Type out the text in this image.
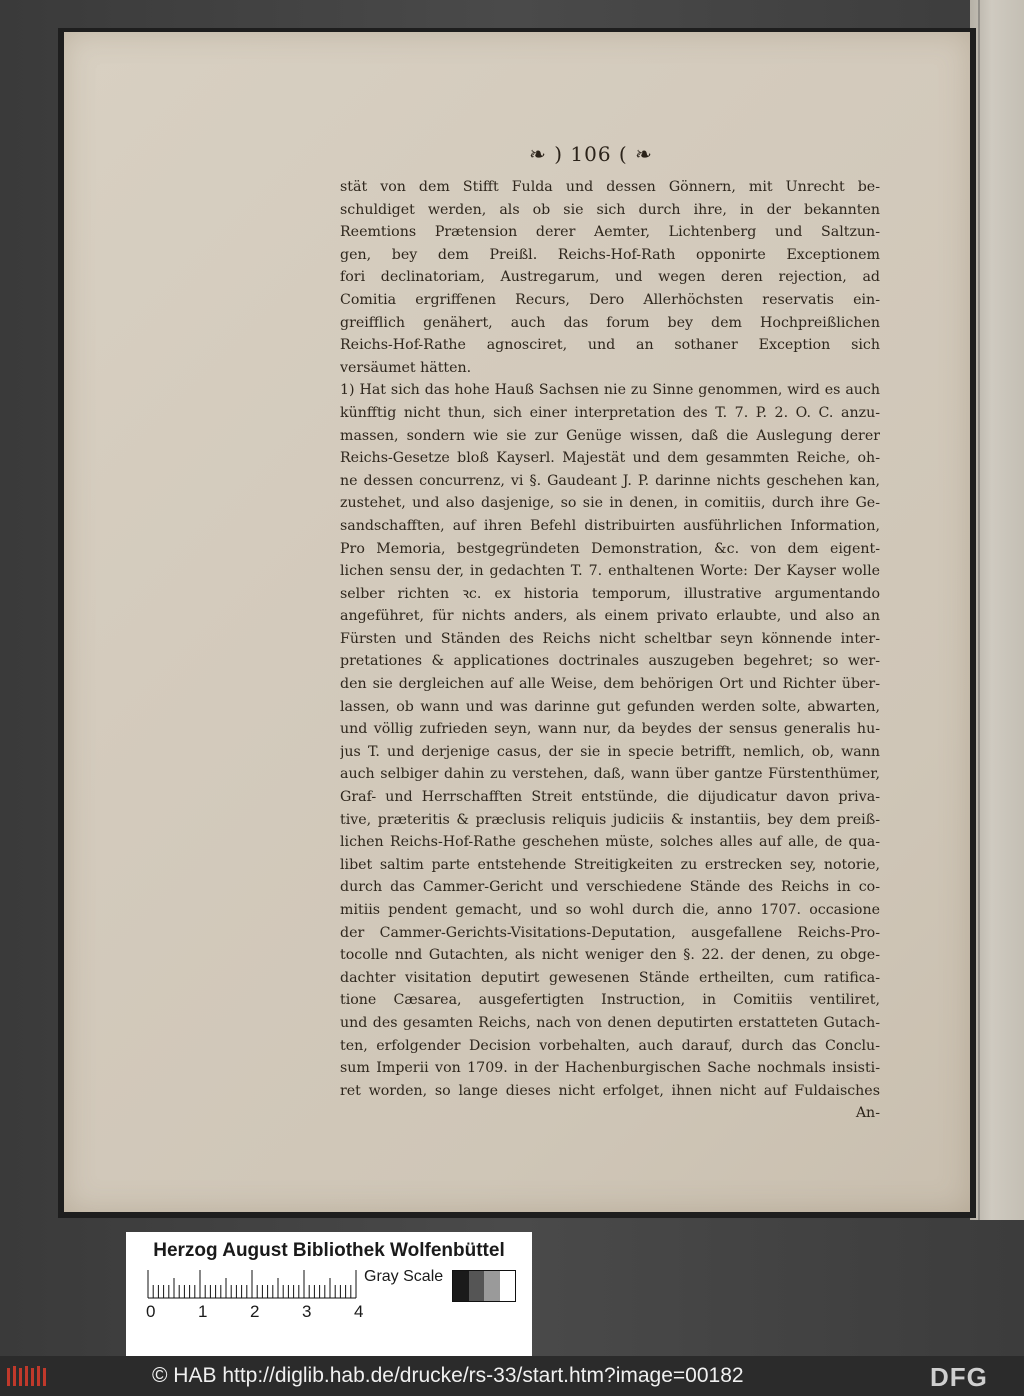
❧ ) 106 ( ❧
stät von dem Stifft Fulda und dessen Gönnern, mit Unrecht be-
schuldiget werden, als ob sie sich durch ihre, in der bekannten
Reemtions Prætension derer Aemter, Lichtenberg und Saltzun-
gen, bey dem Preißl. Reichs-Hof-Rath opponirte Exceptionem
fori declinatoriam, Austregarum, und wegen deren rejection, ad
Comitia ergriffenen Recurs, Dero Allerhöchsten reservatis ein-
greifflich genähert, auch das forum bey dem Hochpreißlichen
Reichs-Hof-Rathe agnosciret, und an sothaner Exception sich
versäumet hätten.
1) Hat sich das hohe Hauß Sachsen nie zu Sinne genommen, wird es auch
künfftig nicht thun, sich einer interpretation des T. 7. P. 2. O. C. anzu-
massen, sondern wie sie zur Genüge wissen, daß die Auslegung derer
Reichs-Gesetze bloß Kayserl. Majestät und dem gesammten Reiche, oh-
ne dessen concurrenz, vi §. Gaudeant J. P. darinne nichts geschehen kan,
zustehet, und also dasjenige, so sie in denen, in comitiis, durch ihre Ge-
sandschafften, auf ihren Befehl distribuirten ausführlichen Information,
Pro Memoria, bestgegründeten Demonstration, &c. von dem eigent-
lichen sensu der, in gedachten T. 7. enthaltenen Worte: Der Kayser wolle
selber richten ꝛc. ex historia temporum, illustrative argumentando
angeführet, für nichts anders, als einem privato erlaubte, und also an
Fürsten und Ständen des Reichs nicht scheltbar seyn könnende inter-
pretationes & applicationes doctrinales auszugeben begehret; so wer-
den sie dergleichen auf alle Weise, dem behörigen Ort und Richter über-
lassen, ob wann und was darinne gut gefunden werden solte, abwarten,
und völlig zufrieden seyn, wann nur, da beydes der sensus generalis hu-
jus T. und derjenige casus, der sie in specie betrifft, nemlich, ob, wann
auch selbiger dahin zu verstehen, daß, wann über gantze Fürstenthümer,
Graf- und Herrschafften Streit entstünde, die dijudicatur davon priva-
tive, præteritis & præclusis reliquis judiciis & instantiis, bey dem preiß-
lichen Reichs-Hof-Rathe geschehen müste, solches alles auf alle, de qua-
libet saltim parte entstehende Streitigkeiten zu erstrecken sey, notorie,
durch das Cammer-Gericht und verschiedene Stände des Reichs in co-
mitiis pendent gemacht, und so wohl durch die, anno 1707. occasione
der Cammer-Gerichts-Visitations-Deputation, ausgefallene Reichs-Pro-
tocolle nnd Gutachten, als nicht weniger den §. 22. der denen, zu obge-
dachter visitation deputirt gewesenen Stände ertheilten, cum ratifica-
tione Cæsarea, ausgefertigten Instruction, in Comitiis ventiliret,
und des gesamten Reichs, nach von denen deputirten erstatteten Gutach-
ten, erfolgender Decision vorbehalten, auch darauf, durch das Conclu-
sum Imperii von 1709. in der Hachenburgischen Sache nochmals insisti-
ret worden, so lange dieses nicht erfolget, ihnen nicht auf Fuldaisches
An-
Herzog August Bibliothek Wolfenbüttel
0	1	2	3	4
Gray Scale
© HAB http://diglib.hab.de/drucke/rs-33/start.htm?image=00182	DFG
